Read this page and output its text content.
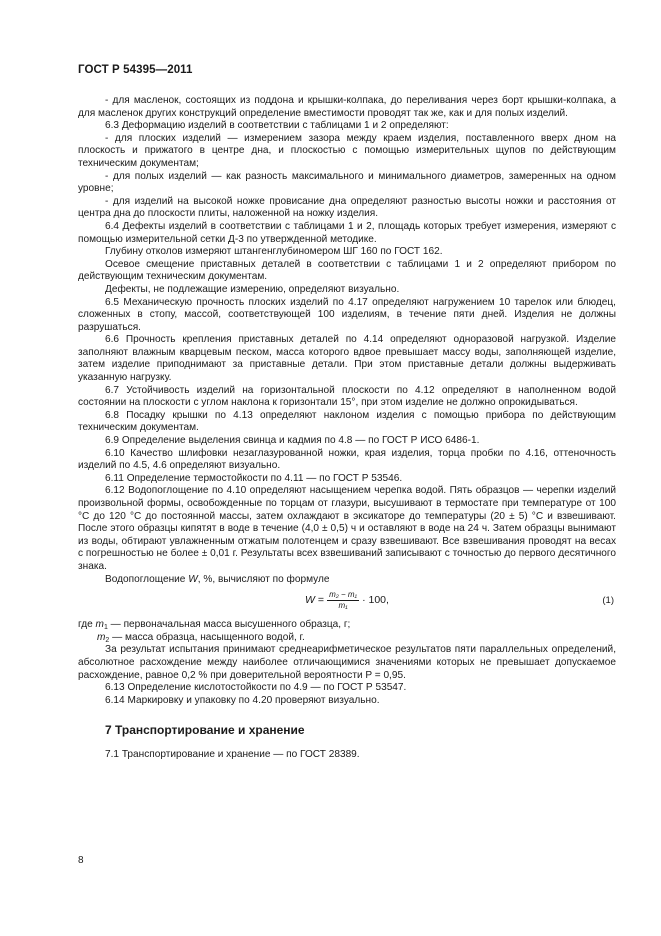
ГОСТ Р 54395—2011

- для масленок, состоящих из поддона и крышки-колпака, до переливания через борт крышки-колпака, а для масленок других конструкций определение вместимости проводят так же, как и для полых изделий.

6.3 Деформацию изделий в соответствии с таблицами 1 и 2 определяют:

- для плоских изделий — измерением зазора между краем изделия, поставленного вверх дном на плоскость и прижатого в центре дна, и плоскостью с помощью измерительных щупов по действующим техническим документам;

- для полых изделий — как разность максимального и минимального диаметров, замеренных на одном уровне;

- для изделий на высокой ножке провисание дна определяют разностью высоты ножки и расстояния от центра дна до плоскости плиты, наложенной на ножку изделия.

6.4 Дефекты изделий в соответствии с таблицами 1 и 2, площадь которых требует измерения, измеряют с помощью измерительной сетки Д-3 по утвержденной методике.

Глубину отколов измеряют штангенглубиномером ШГ 160 по ГОСТ 162.

Осевое смещение приставных деталей в соответствии с таблицами 1 и 2 определяют прибором по действующим техническим документам.

Дефекты, не подлежащие измерению, определяют визуально.

6.5 Механическую прочность плоских изделий по 4.17 определяют нагружением 10 тарелок или блюдец, сложенных в стопу, массой, соответствующей 100 изделиям, в течение пяти дней. Изделия не должны разрушаться.

6.6 Прочность крепления приставных деталей по 4.14 определяют одноразовой нагрузкой. Изделие заполняют влажным кварцевым песком, масса которого вдвое превышает массу воды, заполняющей изделие, затем изделие приподнимают за приставные детали. При этом приставные детали должны выдерживать указанную нагрузку.

6.7 Устойчивость изделий на горизонтальной плоскости по 4.12 определяют в наполненном водой состоянии на плоскости с углом наклона к горизонтали 15°, при этом изделие не должно опрокидываться.

6.8 Посадку крышки по 4.13 определяют наклоном изделия с помощью прибора по действующим техническим документам.

6.9 Определение выделения свинца и кадмия по 4.8 — по ГОСТ Р ИСО 6486-1.

6.10 Качество шлифовки незаглазурованной ножки, края изделия, торца пробки по 4.16, оттеночность изделий по 4.5, 4.6 определяют визуально.

6.11 Определение термостойкости по 4.11 — по ГОСТ Р 53546.

6.12 Водопоглощение по 4.10 определяют насыщением черепка водой. Пять образцов — черепки изделий произвольной формы, освобожденные по торцам от глазури, высушивают в термостате при температуре от 100 °С до 120 °С до постоянной массы, затем охлаждают в эксикаторе до температуры (20 ± 5) °С и взвешивают. После этого образцы кипятят в воде в течение (4,0 ± 0,5) ч и оставляют в воде на 24 ч. Затем образцы вынимают из воды, обтирают увлажненным отжатым полотенцем и сразу взвешивают. Все взвешивания проводят на весах с погрешностью не более ± 0,01 г. Результаты всех взвешиваний записывают с точностью до первого десятичного знака.

Водопоглощение W, %, вычисляют по формуле

$W = \frac{\text{m₂ − m₁}}{\text{m₁}} \cdot 100$,	(1)

где $m_1$ — первоначальная масса высушенного образца, г;

$m_2$ — масса образца, насыщенного водой, г.

За результат испытания принимают среднеарифметическое результатов пяти параллельных определений, абсолютное расхождение между наиболее отличающимися значениями которых не превышает допускаемое расхождение, равное 0,2 % при доверительной вероятности P = 0,95.

6.13 Определение кислотостойкости по 4.9 — по ГОСТ Р 53547.

6.14 Маркировку и упаковку по 4.20 проверяют визуально.

7 Транспортирование и хранение

7.1 Транспортирование и хранение — по ГОСТ 28389.

8
